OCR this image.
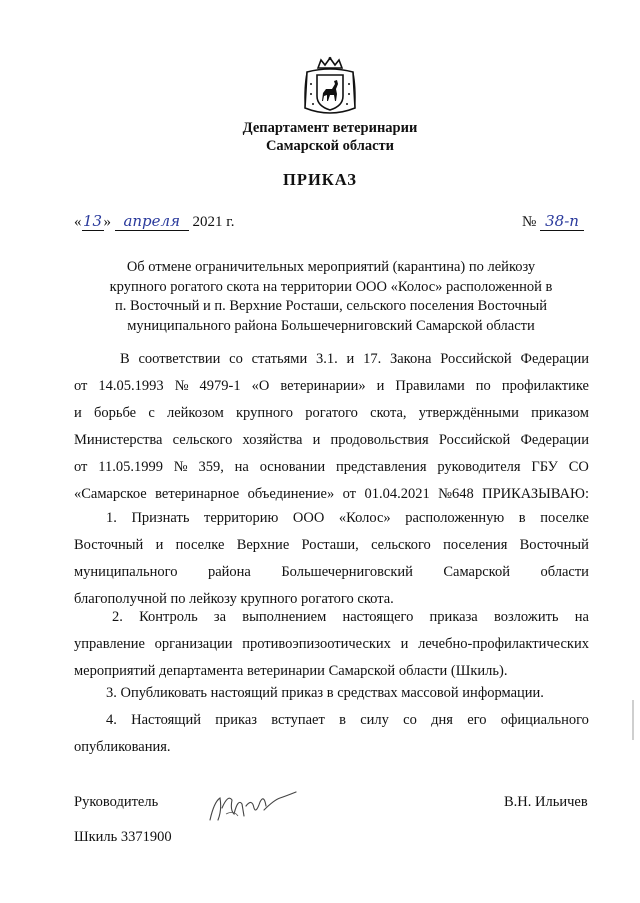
Департамент ветеринарии
Самарской области
ПРИКАЗ
«13» апреля 2021 г.	№ 38-п
Об отмене ограничительных мероприятий (карантина) по лейкозу
крупного рогатого скота на территории ООО «Колос» расположенной в
п. Восточный и п. Верхние Росташи, сельского поселения Восточный
муниципального района Большечерниговский Самарской области
В соответствии со статьями 3.1. и 17. Закона Российской Федерации
от 14.05.1993 № 4979-1 «О ветеринарии» и Правилами по профилактике
и борьбе с лейкозом крупного рогатого скота, утверждёнными приказом
Министерства сельского хозяйства и продовольствия Российской Федерации
от 11.05.1999 № 359, на основании представления руководителя ГБУ СО
«Самарское ветеринарное объединение» от 01.04.2021 №648 ПРИКАЗЫВАЮ:
1. Признать территорию ООО «Колос» расположенную в поселке
Восточный и поселке Верхние Росташи, сельского поселения Восточный
муниципального района Большечерниговский Самарской области
благополучной по лейкозу крупного рогатого скота.
2. Контроль за выполнением настоящего приказа возложить на
управление организации противоэпизоотических и лечебно-профилактических
мероприятий департамента ветеринарии Самарской области (Шкиль).
3. Опубликовать настоящий приказ в средствах массовой информации.
4. Настоящий приказ вступает в силу со дня его официального
опубликования.
Руководитель	В.Н. Ильичев
Шкиль 3371900
